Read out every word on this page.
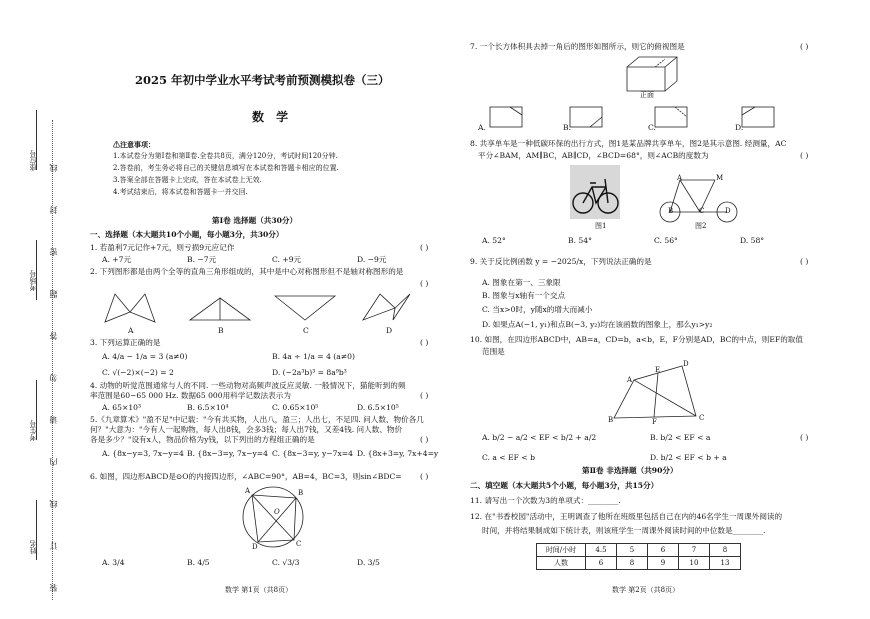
座位号
考场号
考生号
姓名 装订线内请勿答题密封线
2025 年初中学业水平考试考前预测模拟卷（三）
数 学
⚠注意事项：
1.本试卷分为第Ⅰ卷和第Ⅱ卷.全卷共8页，满分120分，考试时间120分钟.
2.答卷前，考生务必将自己的关键信息填写在本试卷和答题卡相应的位置.
3.答案全部在答题卡上完成，答在本试卷上无效.
4.考试结束后，将本试卷和答题卡一并交回.
第Ⅰ卷 选择题（共30分）
一、选择题（本大题共10个小题，每小题3分，共30分）
1. 若盈利7元记作+7元，则亏损9元应记作	( )
A. +7元	B. −7元	C. +9元	D. −9元
2. 下列图形都是由两个全等的直角三角形组成的，其中是中心对称图形但不是轴对称图形的是
( )
A	B	C	D
3. 下列运算正确的是	( )
A. 4/a − 1/a = 3 (a≠0)	B. 4a ÷ 1/a = 4 (a≠0)
C. √(−2)×(−2) = 2	D. (−2a³b)³ = 8a⁹b³
4. 动物的听觉范围通常与人的不同. 一些动物对高频声波反应灵敏. 一般情况下，猫能听到的频
率范围是60~65 000 Hz. 数据65 000用科学记数法表示为	( )
A. 65×10³	B. 6.5×10⁴	C. 0.65×10⁵	D. 6.5×10⁵
5.《九章算术》"盈不足"中记载："今有共买物，人出八，盈三；人出七，不足四. 问人数、物价各几
何？"大意为："今有人一起购物，每人出8钱，会多3钱；每人出7钱，又差4钱. 问人数、物价
各是多少？"设有x人，物品价格为y钱，以下列出的方程组正确的是	( )
A. {8x−y=3, 7x−y=4 B. {8x−3=y, 7x−y=4 C. {8x−3=y, y−7x=4 D. {8x+3=y, 7x+4=y
6. 如图，四边形ABCD是⊙O的内接四边形，∠ABC=90°，AB=4，BC=3，则sin∠BDC= ( )
A	B
C
D
O
A. 3/4	B. 4/5	C. √3/3	D. 3/5
数学 第1页（共8页）
7. 一个长方体积具去掉一角后的图形如图所示，则它的俯视图是	( )
正面
A.	B.	C.	D.
8. 共享单车是一种低碳环保的出行方式，图1是某品牌共享单车，图2是其示意图. 经测量，AC
平分∠BAM，AM∥BC，AB∥CD，∠BCD=68°，则∠ACB的度数为	( )
图1
A	M
B	C	D
图2
A. 52°	B. 54°	C. 56°	D. 58°
9. 关于反比例函数 y = −2025/x，下列说法正确的是	( )
A. 图象在第一、三象限
B. 图象与x轴有一个交点
C. 当x>0时，y随x的增大而减小
D. 如果点A(−1, y₁)和点B(−3, y₂)均在该函数的图象上，那么y₁>y₂
10. 如图，在四边形ABCD中，AB=a，CD=b，a<b，E，F分别是AD，BC的中点，则EF的取值
范围是
( )
A
B	C
D
E
F
A. b/2 − a/2 < EF < b/2 + a/2	B. b/2 < EF < a
C. a < EF < b	D. b/2 < EF < b + a
第Ⅱ卷 非选择题（共90分）
二、填空题（本大题共5个小题，每小题3分，共15分）
11. 请写出一个次数为3的单项式：________.
12. 在"书香校园"活动中，王明调查了他所在班级里包括自己在内的46名学生一周课外阅读的
时间，并将结果制成如下统计表，则该班学生一周课外阅读时间的中位数是________.
时间/小时	4.5	5	6	7	8
人数	6	8	9	10	13
数学 第2页（共8页）
